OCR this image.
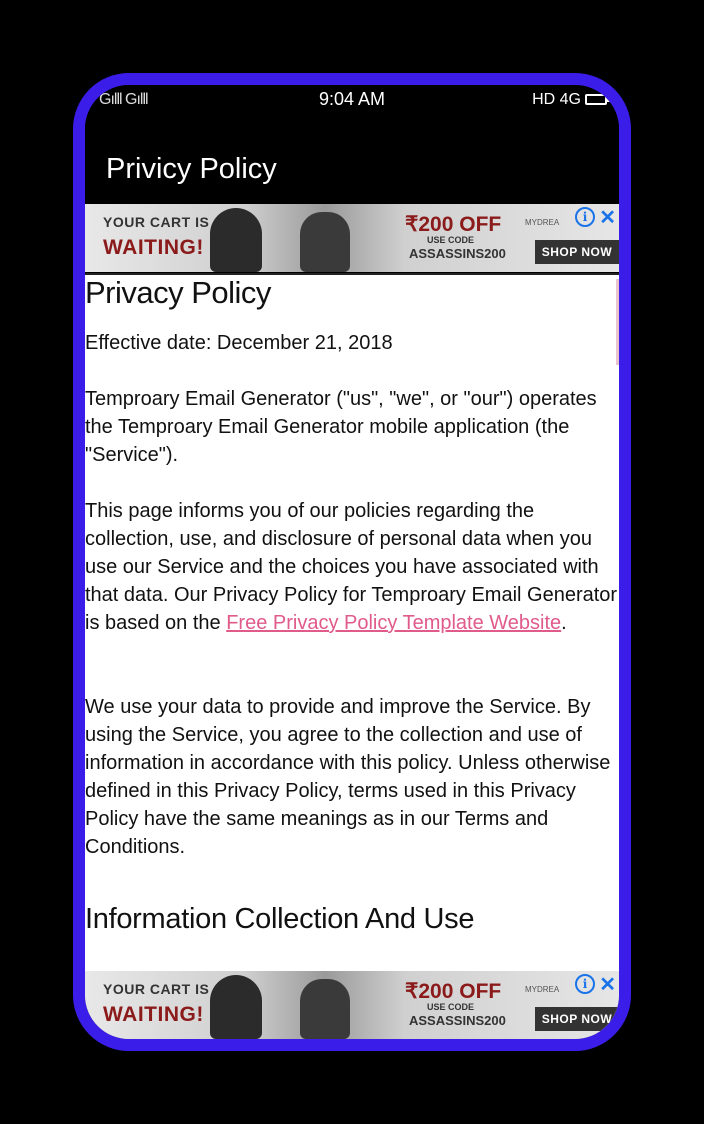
Gılll Gılll	9:04 AM	HD 4G
Privicy Policy
YOUR CART IS
WAITING!
₹200 OFF
USE CODE
ASSASSINS200
MYDREA
SHOP NOW
i ✕
Privacy Policy

Effective date: December 21, 2018

Temproary Email Generator ("us", "we", or "our") operates the Temproary Email Generator mobile application (the "Service").

This page informs you of our policies regarding the collection, use, and disclosure of personal data when you use our Service and the choices you have associated with that data. Our Privacy Policy for Temproary Email Generator is based on the Free Privacy Policy Template Website.

We use your data to provide and improve the Service. By using the Service, you agree to the collection and use of information in accordance with this policy. Unless otherwise defined in this Privacy Policy, terms used in this Privacy Policy have the same meanings as in our Terms and Conditions.

Information Collection And Use
YOUR CART IS
WAITING!
₹200 OFF
USE CODE
ASSASSINS200
MYDREA
SHOP NOW
i ✕
